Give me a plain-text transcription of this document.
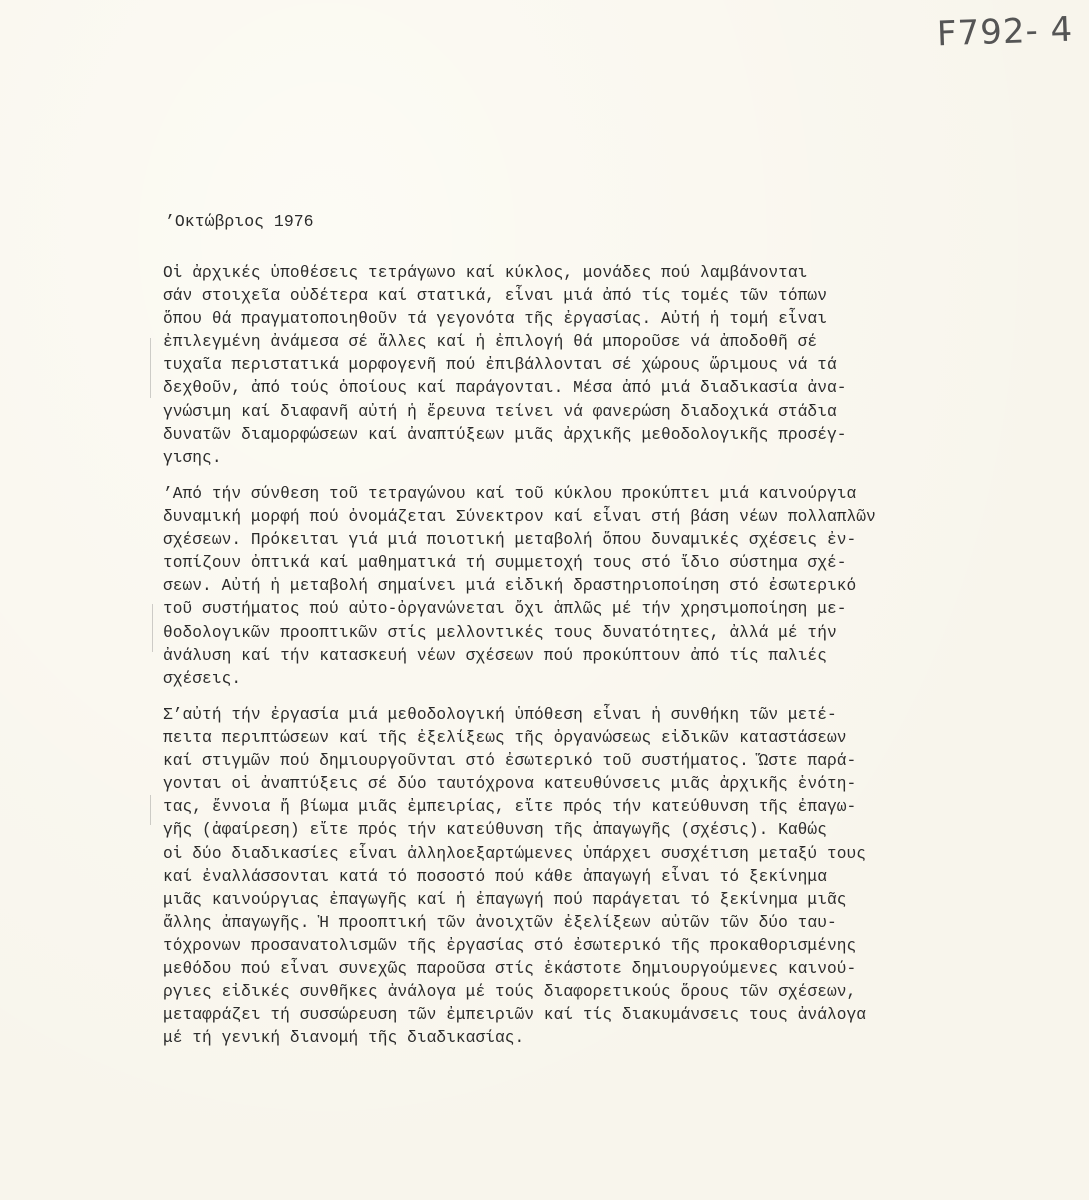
F792- 4
’Οκτώβριος 1976
Οἱ ἀρχικές ὑποθέσεις τετράγωνο καί κύκλος, μονάδες πού λαμβάνονται
σάν στοιχεῖα οὐδέτερα καί στατικά, εἶναι μιά ἀπό τίς τομές τῶν τόπων
ὅπου θά πραγματοποιηθοῦν τά γεγονότα τῆς ἐργασίας. Αὐτή ἡ τομή εἶναι
ἐπιλεγμένη ἀνάμεσα σέ ἄλλες καί ἡ ἐπιλογή θά μποροῦσε νά ἀποδοθῆ σέ
τυχαῖα περιστατικά μορφογενῆ πού ἐπιβάλλονται σέ χώρους ὥριμους νά τά
δεχθοῦν, ἀπό τούς ὁποίους καί παράγονται. Μέσα ἀπό μιά διαδικασία ἀνα-
γνώσιμη καί διαφανῆ αὐτή ἡ ἔρευνα τείνει νά φανερώση διαδοχικά στάδια
δυνατῶν διαμορφώσεων καί ἀναπτύξεων μιᾶς ἀρχικῆς μεθοδολογικῆς προσέγ-
γισης.
’Από τήν σύνθεση τοῦ τετραγώνου καί τοῦ κύκλου προκύπτει μιά καινούργια
δυναμική μορφή πού ὀνομάζεται Σύνεκτρον καί εἶναι στή βάση νέων πολλαπλῶν
σχέσεων. Πρόκειται γιά μιά ποιοτική μεταβολή ὅπου δυναμικές σχέσεις ἐν-
τοπίζουν ὀπτικά καί μαθηματικά τή συμμετοχή τους στό ἴδιο σύστημα σχέ-
σεων. Αὐτή ἡ μεταβολή σημαίνει μιά εἰδική δραστηριοποίηση στό ἐσωτερικό
τοῦ συστήματος πού αὐτο-ὀργανώνεται ὄχι ἁπλῶς μέ τήν χρησιμοποίηση με-
θοδολογικῶν προοπτικῶν στίς μελλοντικές τους δυνατότητες, ἀλλά μέ τήν
ἀνάλυση καί τήν κατασκευή νέων σχέσεων πού προκύπτουν ἀπό τίς παλιές
σχέσεις.
Σ’αὐτή τήν ἐργασία μιά μεθοδολογική ὑπόθεση εἶναι ἡ συνθήκη τῶν μετέ-
πειτα περιπτώσεων καί τῆς ἐξελίξεως τῆς ὀργανώσεως εἰδικῶν καταστάσεων
καί στιγμῶν πού δημιουργοῦνται στό ἐσωτερικό τοῦ συστήματος. Ὥστε παρά-
γονται οἱ ἀναπτύξεις σέ δύο ταυτόχρονα κατευθύνσεις μιᾶς ἀρχικῆς ἑνότη-
τας, ἔννοια ἤ βίωμα μιᾶς ἐμπειρίας, εἴτε πρός τήν κατεύθυνση τῆς ἐπαγω-
γῆς (ἀφαίρεση) εἴτε πρός τήν κατεύθυνση τῆς ἀπαγωγῆς (σχέσις). Καθώς
οἱ δύο διαδικασίες εἶναι ἀλληλοεξαρτώμενες ὑπάρχει συσχέτιση μεταξύ τους
καί ἐναλλάσσονται κατά τό ποσοστό πού κάθε ἀπαγωγή εἶναι τό ξεκίνημα
μιᾶς καινούργιας ἐπαγωγῆς καί ἡ ἐπαγωγή πού παράγεται τό ξεκίνημα μιᾶς
ἄλλης ἀπαγωγῆς. Ἡ προοπτική τῶν ἀνοιχτῶν ἐξελίξεων αὐτῶν τῶν δύο ταυ-
τόχρονων προσανατολισμῶν τῆς ἐργασίας στό ἐσωτερικό τῆς προκαθορισμένης
μεθόδου πού εἶναι συνεχῶς παροῦσα στίς ἑκάστοτε δημιουργούμενες καινού-
ργιες εἰδικές συνθῆκες ἀνάλογα μέ τούς διαφορετικούς ὅρους τῶν σχέσεων,
μεταφράζει τή συσσώρευση τῶν ἐμπειριῶν καί τίς διακυμάνσεις τους ἀνάλογα
μέ τή γενική διανομή τῆς διαδικασίας.
